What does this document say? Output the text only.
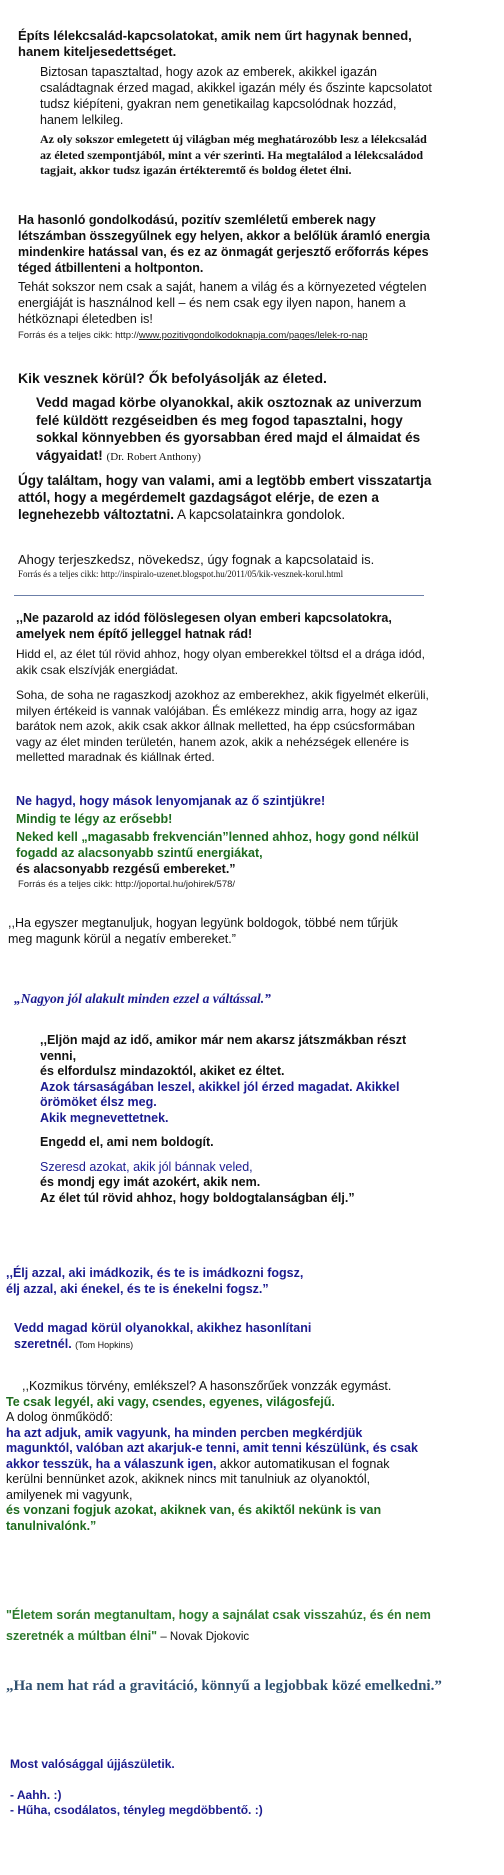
Építs lélekcsalád-kapcsolatokat, amik nem űrt hagynak benned, hanem kiteljesedettséget.
Biztosan tapasztaltad, hogy azok az emberek, akikkel igazán családtagnak érzed magad, akikkel igazán mély és őszinte kapcsolatot tudsz kiépíteni, gyakran nem genetikailag kapcsolódnak hozzád, hanem lelkileg.
Az oly sokszor emlegetett új világban még meghatározóbb lesz a lélekcsalád az életed szempontjából, mint a vér szerinti. Ha megtalálod a lélekcsaládod tagjait, akkor tudsz igazán értékteremtő és boldog életet élni.
Ha hasonló gondolkodású, pozitív szemléletű emberek nagy létszámban összegyűlnek egy helyen, akkor a belőlük áramló energia mindenkire hatással van, és ez az önmagát gerjesztő erőforrás képes téged átbillenteni a holtponton.
Tehát sokszor nem csak a saját, hanem a világ és a környezeted végtelen energiáját is használnod kell – és nem csak egy ilyen napon, hanem a hétköznapi életedben is!
Forrás és a teljes cikk: http://www.pozitivgondolkodoknapja.com/pages/lelek-ro-nap
Kik vesznek körül? Ők befolyásolják az életed.
Vedd magad körbe olyanokkal, akik osztoznak az univerzum felé küldött rezgéseidben és meg fogod tapasztalni, hogy sokkal könnyebben és gyorsabban éred majd el álmaidat és vágyaidat! (Dr. Robert Anthony)
Úgy találtam, hogy van valami, ami a legtöbb embert visszatartja attól, hogy a megérdemelt gazdagságot elérje, de ezen a legnehezebb változtatni. A kapcsolatainkra gondolok.
Ahogy terjeszkedsz, növekedsz, úgy fognak a kapcsolataid is.
Forrás és a teljes cikk: http://inspiralo-uzenet.blogspot.hu/2011/05/kik-vesznek-korul.html
,,Ne pazarold az idód fölöslegesen olyan emberi kapcsolatokra, amelyek nem építő jelleggel hatnak rád!
Hidd el, az élet túl rövid ahhoz, hogy olyan emberekkel töltsd el a drága idód, akik csak elszívják energiádat.
Soha, de soha ne ragaszkodj azokhoz az emberekhez, akik figyelmét elkerüli, milyen értékeid is vannak valójában. És emlékezz mindig arra, hogy az igaz barátok nem azok, akik csak akkor állnak melletted, ha épp csúcsformában vagy az élet minden területén, hanem azok, akik a nehézségek ellenére is melletted maradnak és kiállnak érted.
Ne hagyd, hogy mások lenyomjanak az ő szintjükre!
Mindig te légy az erősebb!
Neked kell „magasabb frekvencián”lenned ahhoz, hogy gond nélkül fogadd az alacsonyabb szintű energiákat,
és alacsonyabb rezgésű embereket.”
Forrás és a teljes cikk: http://joportal.hu/johirek/578/
,,Ha egyszer megtanuljuk, hogyan legyünk boldogok, többé nem tűrjük meg magunk körül a negatív embereket.”
„Nagyon jól alakult minden ezzel a váltással.”
,,Eljön majd az idő, amikor már nem akarsz játszmákban részt venni,
és elfordulsz mindazoktól, akiket ez éltet.
Azok társaságában leszel, akikkel jól érzed magadat. Akikkel örömöket élsz meg.
Akik megnevettetnek.
Engedd el, ami nem boldogít.
Szeresd azokat, akik jól bánnak veled,
és mondj egy imát azokért, akik nem.
Az élet túl rövid ahhoz, hogy boldogtalanságban élj.”
,,Élj azzal, aki imádkozik, és te is imádkozni fogsz,
élj azzal, aki énekel, és te is énekelni fogsz.”
Vedd magad körül olyanokkal, akikhez hasonlítani szeretnél. (Tom Hopkins)
,,Kozmikus törvény, emlékszel? A hasonszőrűek vonzzák egymást.
Te csak legyél, aki vagy, csendes, egyenes, világosfejű.
A dolog önműködő:
ha azt adjuk, amik vagyunk, ha minden percben megkérdjük magunktól, valóban azt akarjuk-e tenni, amit tenni készülünk, és csak akkor tesszük, ha a válaszunk igen, akkor automatikusan el fognak kerülni bennünket azok, akiknek nincs mit tanulniuk az olyanoktól, amilyenek mi vagyunk,
és vonzani fogjuk azokat, akiknek van, és akiktől nekünk is van tanulnivalónk.”
"Életem során megtanultam, hogy a sajnálat csak visszahúz, és én nem szeretnék a múltban élni" – Novak Djokovic
„Ha nem hat rád a gravitáció, könnyű a legjobbak közé emelkedni.”
Most valósággal újjászületik.
- Aahh. :)
- Hűha, csodálatos, tényleg megdöbbentő. :)
